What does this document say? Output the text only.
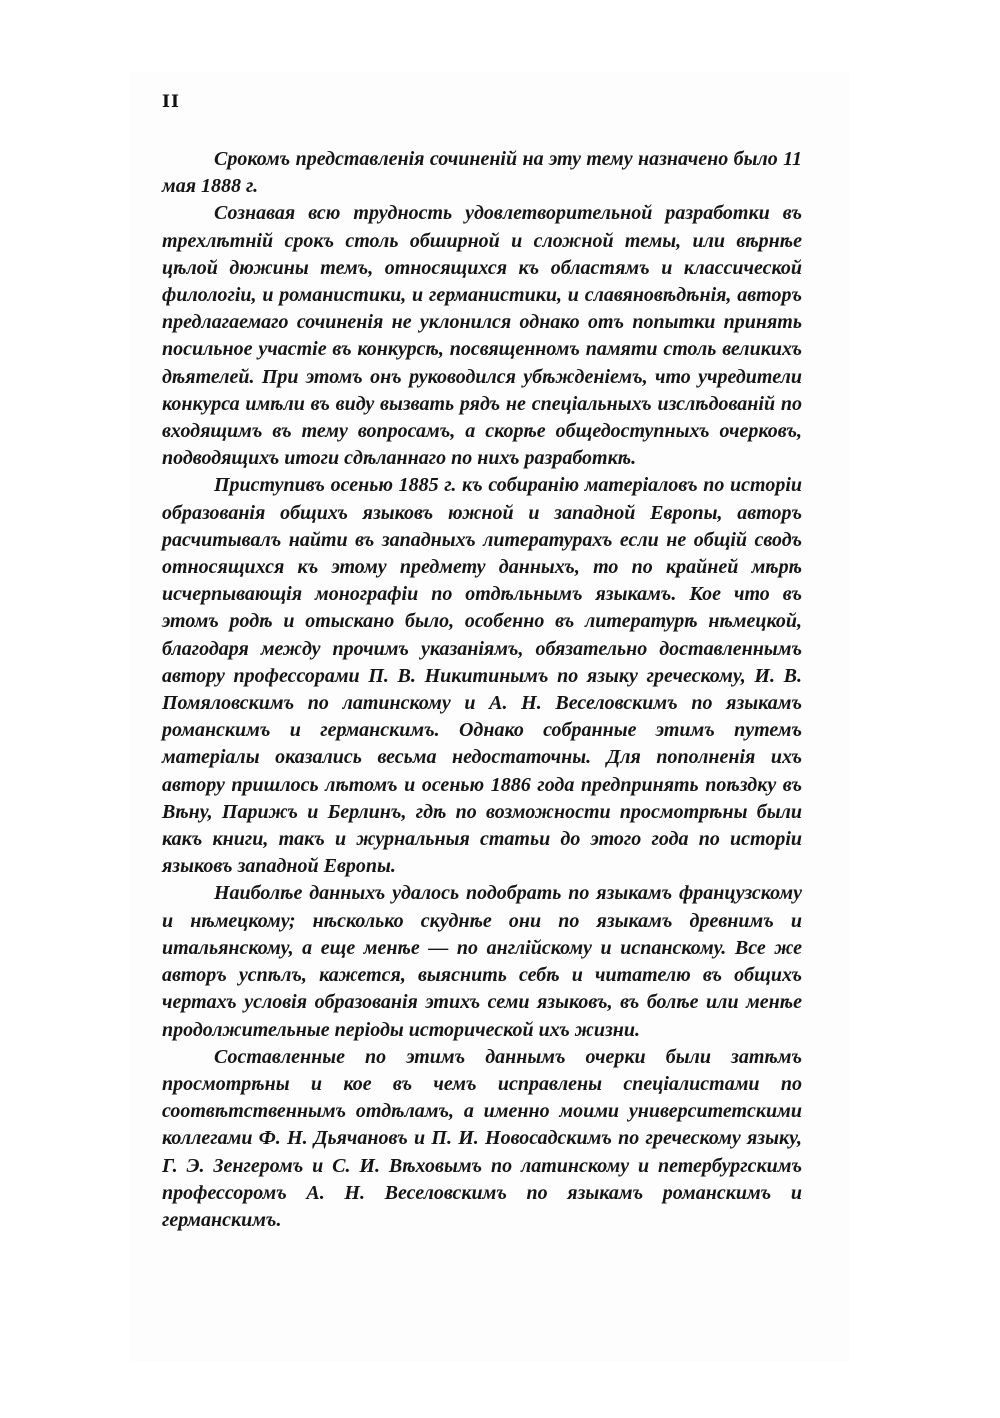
II

Срокомъ представленія сочиненій на эту тему назначено было 11 мая 1888 г.

Сознавая всю трудность удовлетворительной разработки въ трехлѣтній срокъ столь обширной и сложной темы, или вѣрнѣе цѣлой дюжины темъ, относящихся къ областямъ и классической филологіи, и романистики, и германистики, и славяновѣдѣнія, авторъ предлагаемаго сочиненія не уклонился однако отъ попытки принять посильное участіе въ конкурсѣ, посвященномъ памяти столь великихъ дѣятелей. При этомъ онъ руководился убѣжденіемъ, что учредители конкурса имѣли въ виду вызвать рядъ не спеціальныхъ изслѣдованій по входящимъ въ тему вопросамъ, а скорѣе общедоступныхъ очерковъ, подводящихъ итоги сдѣланнаго по нихъ разработкѣ.

Приступивъ осенью 1885 г. къ собиранію матеріаловъ по исторіи образованія общихъ языковъ южной и западной Европы, авторъ расчитывалъ найти въ западныхъ литературахъ если не общій сводъ относящихся къ этому предмету данныхъ, то по крайней мѣрѣ исчерпывающія монографіи по отдѣльнымъ языкамъ. Кое что въ этомъ родѣ и отыскано было, особенно въ литературѣ нѣмецкой, благодаря между прочимъ указаніямъ, обязательно доставленнымъ автору профессорами П. В. Никитинымъ по языку греческому, И. В. Помяловскимъ по латинскому и А. Н. Веселовскимъ по языкамъ романскимъ и германскимъ. Однако собранные этимъ путемъ матеріалы оказались весьма недостаточны. Для пополненія ихъ автору пришлось лѣтомъ и осенью 1886 года предпринять поѣздку въ Вѣну, Парижъ и Берлинъ, гдѣ по возможности просмотрѣны были какъ книги, такъ и журнальныя статьи до этого года по исторіи языковъ западной Европы.

Наиболѣе данныхъ удалось подобрать по языкамъ французскому и нѣмецкому; нѣсколько скуднѣе они по языкамъ древнимъ и итальянскому, а еще менѣе — по англійскому и испанскому. Все же авторъ успѣлъ, кажется, выяснить себѣ и читателю въ общихъ чертахъ условія образованія этихъ семи языковъ, въ болѣе или менѣе продолжительные періоды исторической ихъ жизни.

Составленные по этимъ даннымъ очерки были затѣмъ просмотрѣны и кое въ чемъ исправлены спеціалистами по соотвѣтственнымъ отдѣламъ, а именно моими университетскими коллегами Ф. Н. Дьячановъ и П. И. Новосадскимъ по греческому языку, Г. Э. Зенгеромъ и С. И. Вѣховымъ по латинскому и петербургскимъ профессоромъ А. Н. Веселовскимъ по языкамъ романскимъ и германскимъ.
